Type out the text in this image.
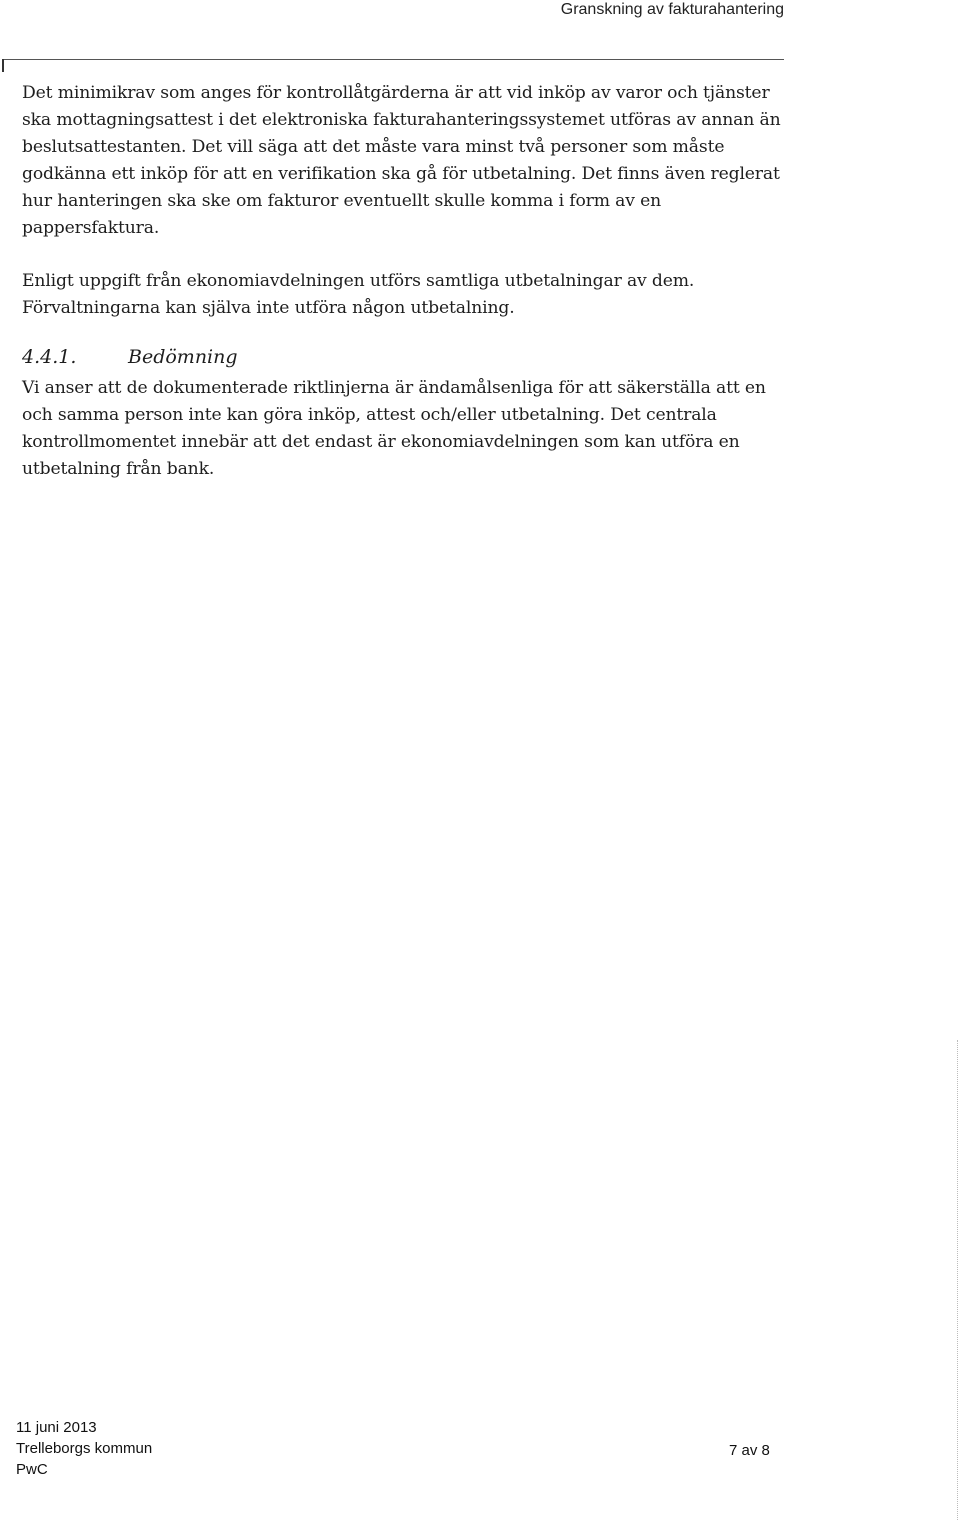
Granskning av fakturahantering

Det minimikrav som anges för kontrollåtgärderna är att vid inköp av varor och tjänster ska mottagningsattest i det elektroniska fakturahanteringssystemet utföras av annan än beslutsattestanten. Det vill säga att det måste vara minst två personer som måste godkänna ett inköp för att en verifikation ska gå för utbetalning. Det finns även reglerat hur hanteringen ska ske om fakturor eventuellt skulle komma i form av en pappersfaktura.

Enligt uppgift från ekonomiavdelningen utförs samtliga utbetalningar av dem. Förvaltningarna kan själva inte utföra någon utbetalning.

4.4.1.	Bedömning

Vi anser att de dokumenterade riktlinjerna är ändamålsenliga för att säkerställa att en och samma person inte kan göra inköp, attest och/eller utbetalning. Det centrala kontrollmomentet innebär att det endast är ekonomiavdelningen som kan utföra en utbetalning från bank.

11 juni 2013
Trelleborgs kommun
PwC
7 av 8
